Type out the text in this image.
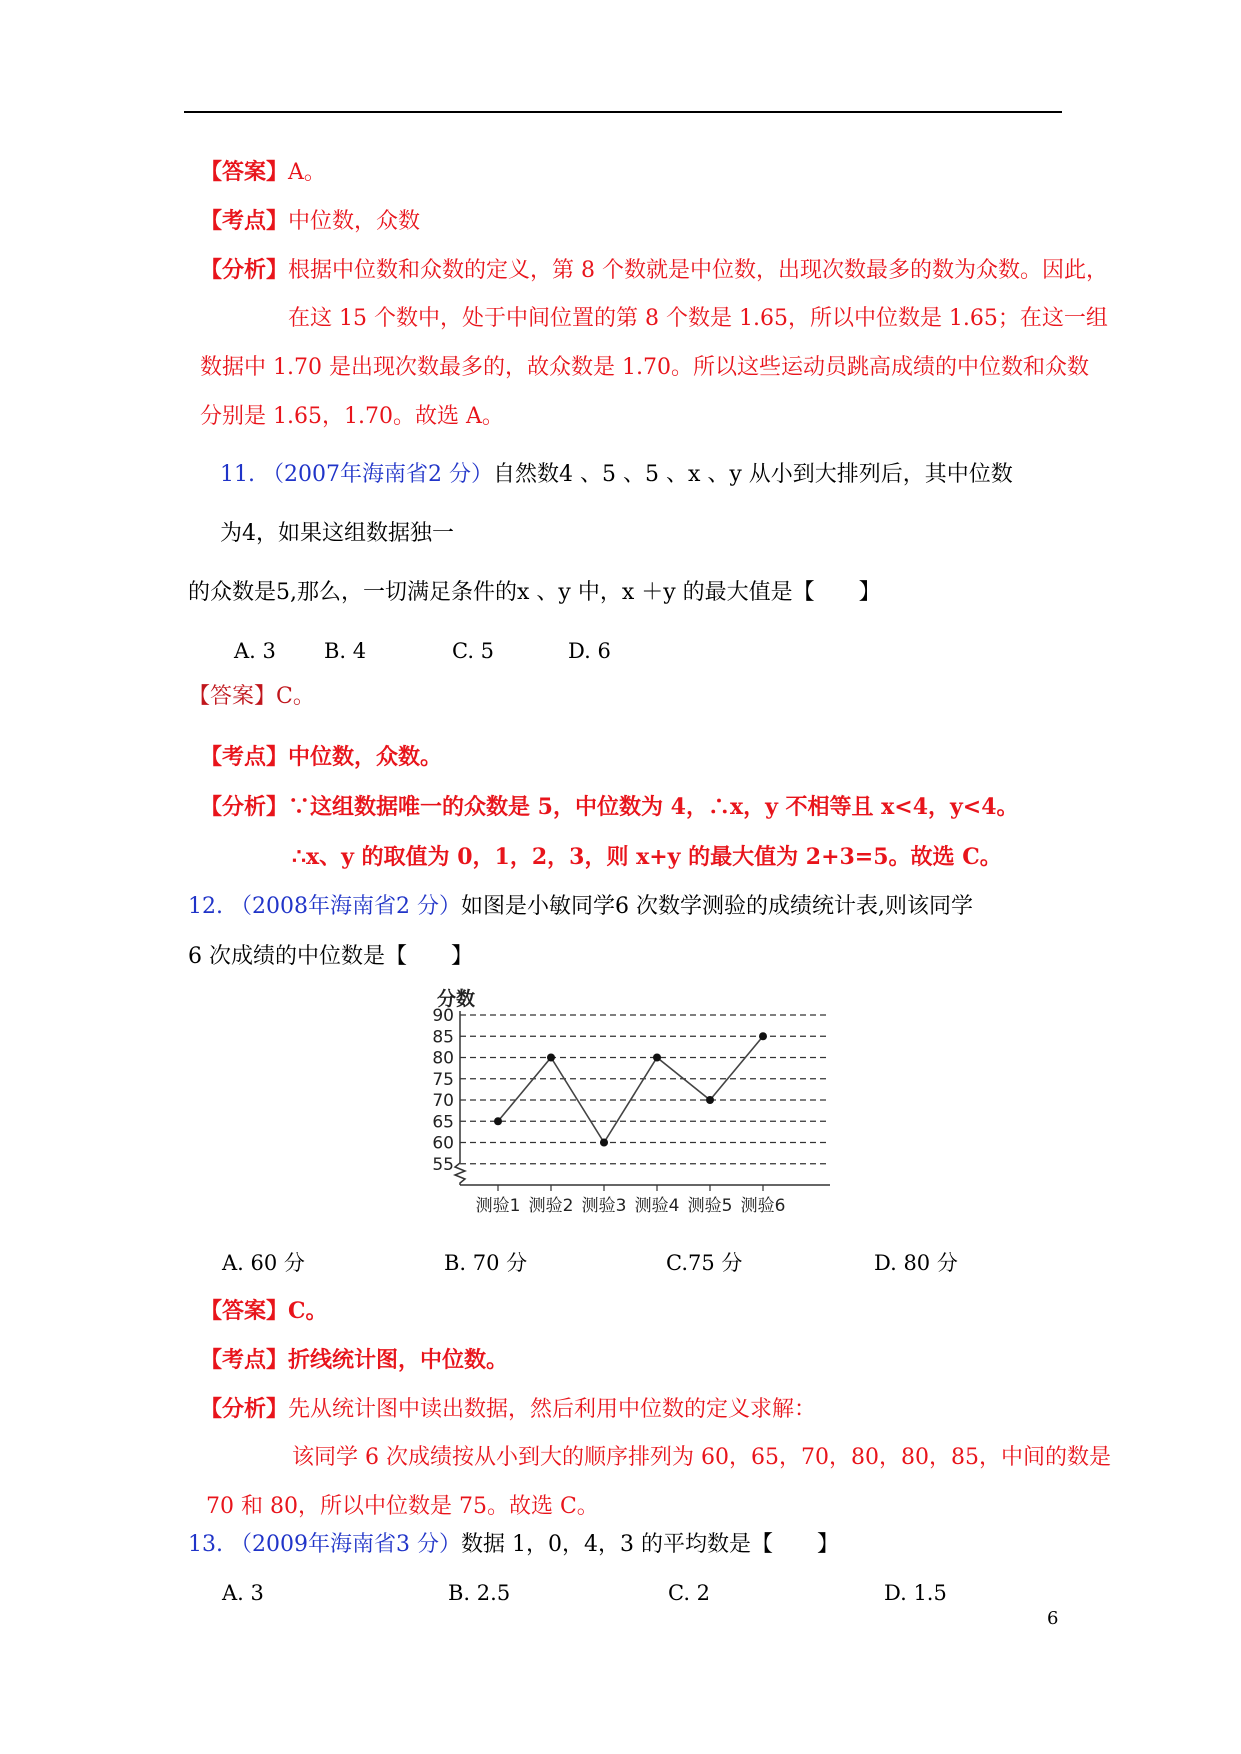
【答案】A。
【考点】中位数，众数
【分析】根据中位数和众数的定义，第 8 个数就是中位数，出现次数最多的数为众数。因此，
在这 15 个数中，处于中间位置的第 8 个数是 1.65，所以中位数是 1.65；在这一组
数据中 1.70 是出现次数最多的，故众数是 1.70。所以这些运动员跳高成绩的中位数和众数
分别是 1.65，1.70。故选 A。
11. （2007年海南省2 分）自然数4 、5 、5 、x 、y 从小到大排列后，其中位数
为4，如果这组数据独一
的众数是5,那么，一切满足条件的x 、y 中，x ＋y 的最大值是【　　】
A. 3 B. 4	C. 5	D. 6
【答案】C。
【考点】中位数，众数。
【分析】∵这组数据唯一的众数是 5，中位数为 4，∴x，y 不相等且 x<4，y<4。
∴x、y 的取值为 0，1，2，3，则 x+y 的最大值为 2+3=5。故选 C。
12. （2008年海南省2 分）如图是小敏同学6 次数学测验的成绩统计表,则该同学
6 次成绩的中位数是【　　】
分数
55
60
65
70
75
80
85
90
测验1 测验2 测验3 测验4 测验5 测验6
A. 60 分	B. 70 分	C.75 分	D. 80 分
【答案】C。
【考点】折线统计图，中位数。
【分析】先从统计图中读出数据，然后利用中位数的定义求解：
该同学 6 次成绩按从小到大的顺序排列为 60，65，70，80，80，85，中间的数是
70 和 80，所以中位数是 75。故选 C。
13. （2009年海南省3 分）数据 1，0，4，3 的平均数是【　　】
A. 3	B. 2.5	C. 2	D. 1.5
6
